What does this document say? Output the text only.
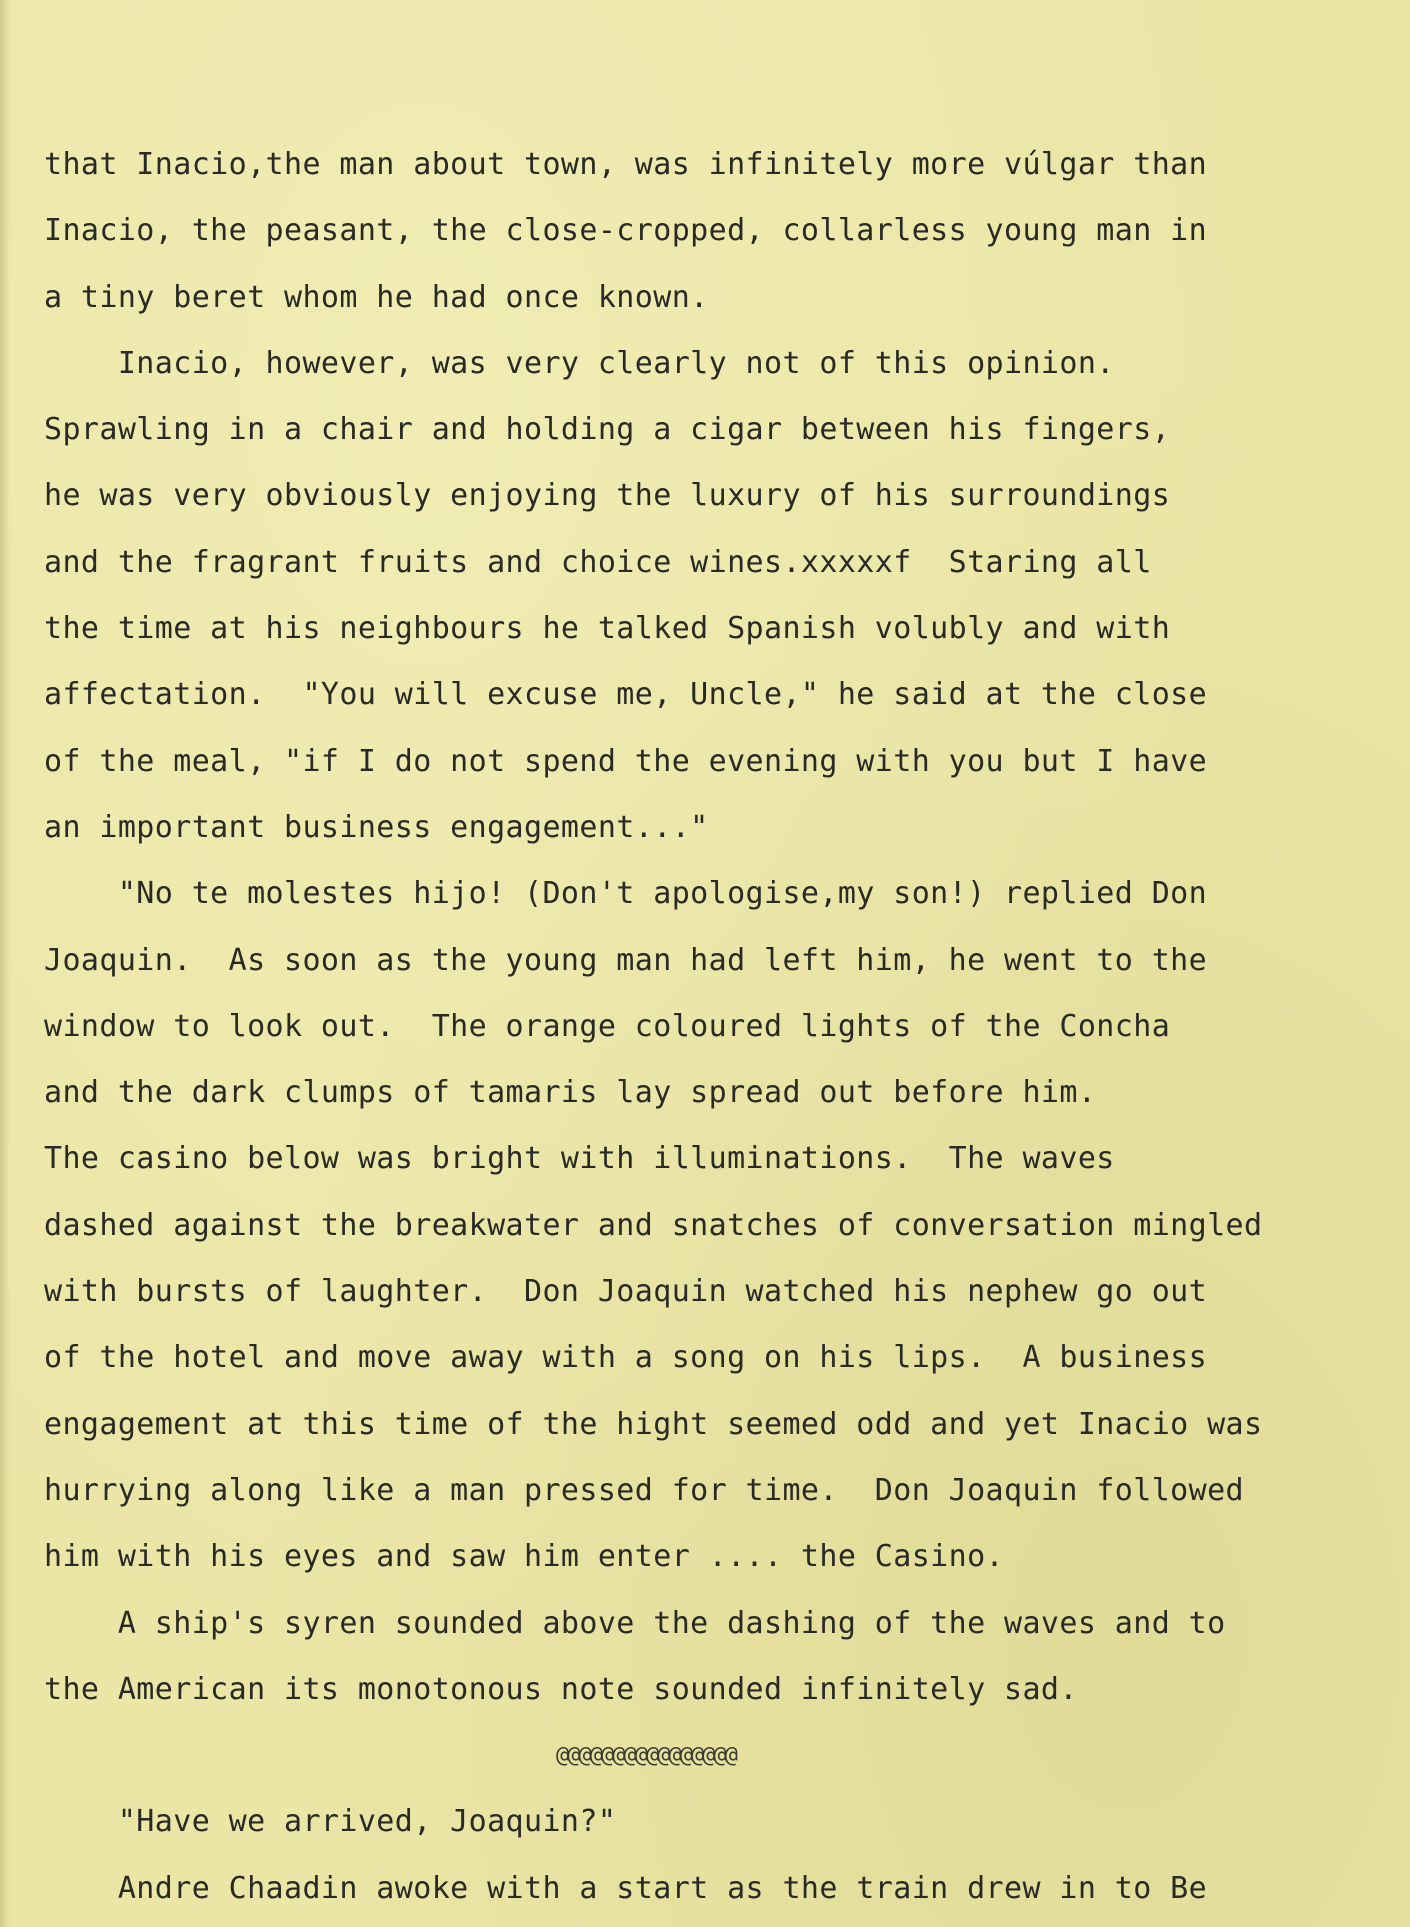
that Inacio,the man about town, was infinitely more vúlgar than
Inacio, the peasant, the close-cropped, collarless young man in
a tiny beret whom he had once known.
Inacio, however, was very clearly not of this opinion.
Sprawling in a chair and holding a cigar between his fingers,
he was very obviously enjoying the luxury of his surroundings
and the fragrant fruits and choice wines.xxxxxf  Staring all
the time at his neighbours he talked Spanish volubly and with
affectation.  "You will excuse me, Uncle," he said at the close
of the meal, "if I do not spend the evening with you but I have
an important business engagement..."
"No te molestes hijo! (Don't apologise,my son!) replied Don
Joaquin.  As soon as the young man had left him, he went to the
window to look out.  The orange coloured lights of the Concha
and the dark clumps of tamaris lay spread out before him.
The casino below was bright with illuminations.  The waves
dashed against the breakwater and snatches of conversation mingled
with bursts of laughter.  Don Joaquin watched his nephew go out
of the hotel and move away with a song on his lips.  A business
engagement at this time of the hight seemed odd and yet Inacio was
hurrying along like a man pressed for time.  Don Joaquin followed
him with his eyes and saw him enter .... the Casino.
A ship's syren sounded above the dashing of the waves and to
the American its monotonous note sounded infinitely sad.
@@@@@@@@@@@@@@@@
"Have we arrived, Joaquin?"
Andre Chaadin awoke with a start as the train drew in to Be
